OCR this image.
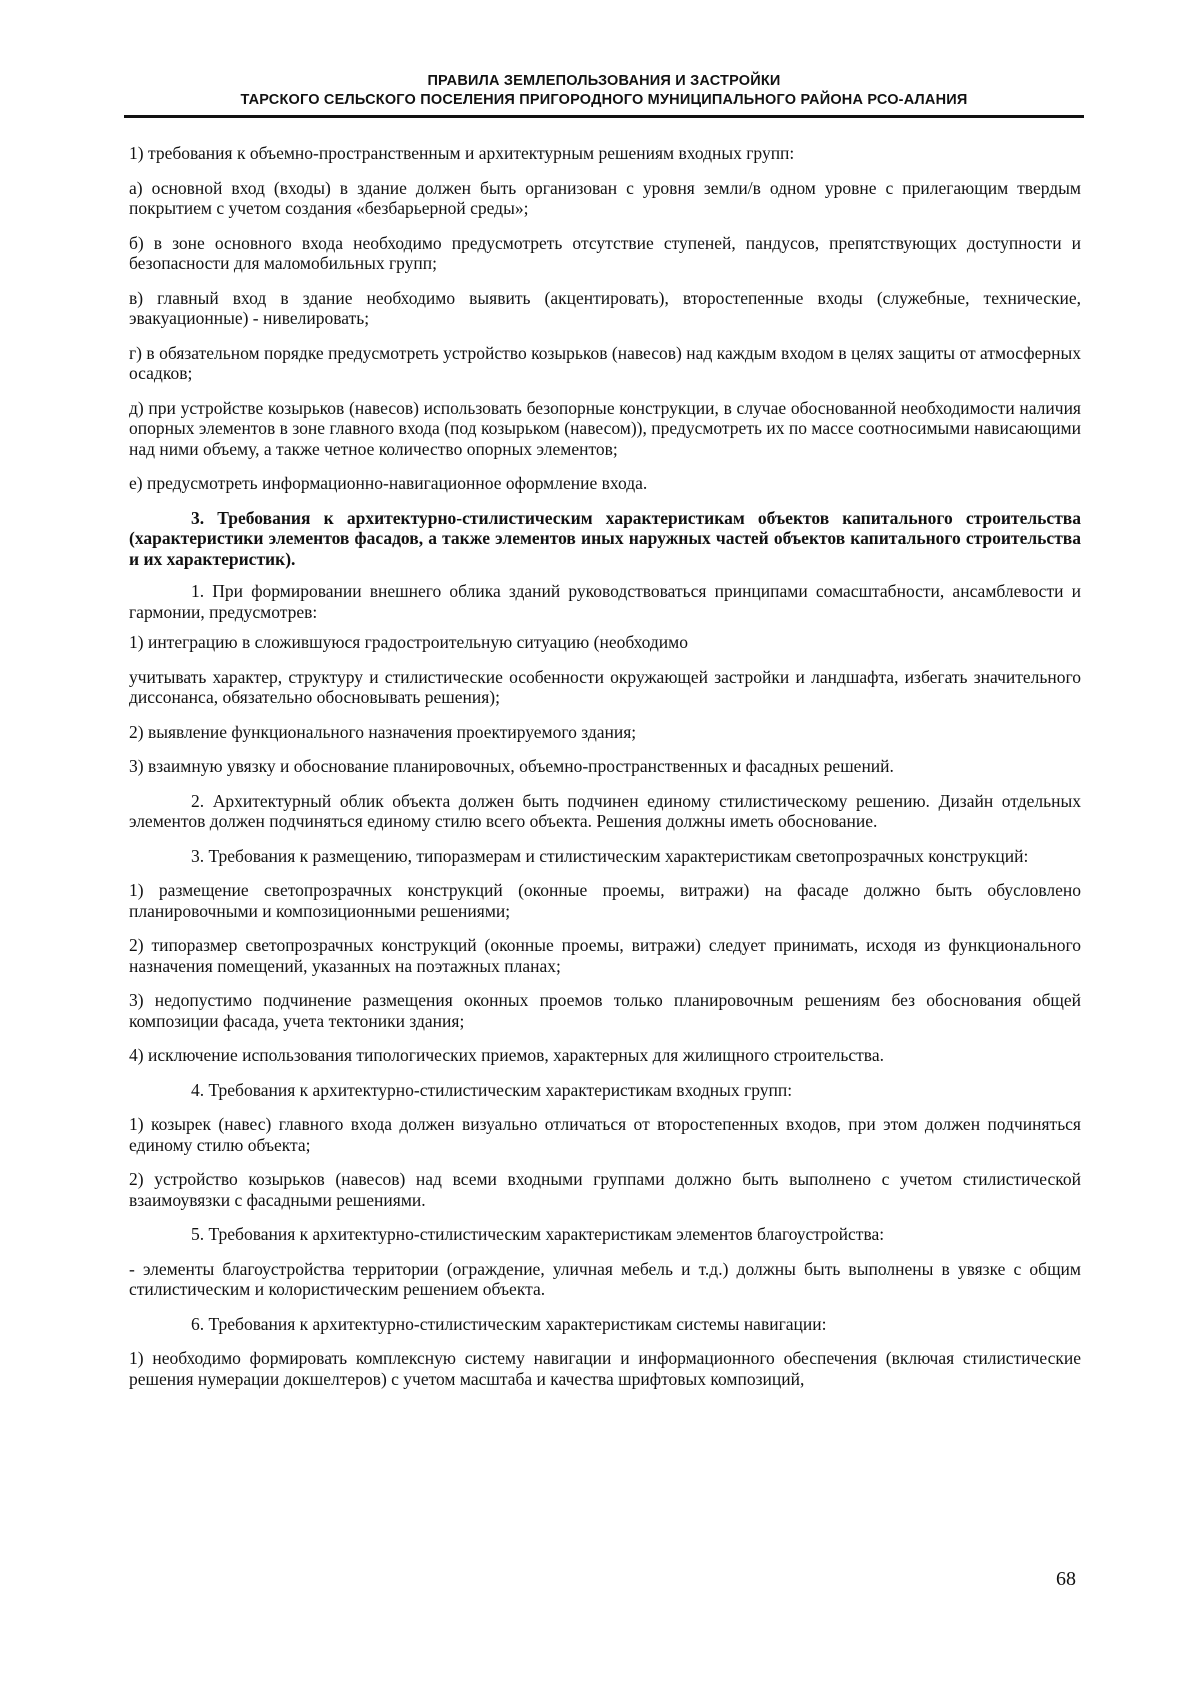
ПРАВИЛА ЗЕМЛЕПОЛЬЗОВАНИЯ И ЗАСТРОЙКИ
ТАРСКОГО СЕЛЬСКОГО ПОСЕЛЕНИЯ ПРИГОРОДНОГО МУНИЦИПАЛЬНОГО РАЙОНА РСО-АЛАНИЯ

1) требования к объемно-пространственным и архитектурным решениям входных групп:

а) основной вход (входы) в здание должен быть организован с уровня земли/в одном уровне с прилегающим твердым покрытием с учетом создания «безбарьерной среды»;

б) в зоне основного входа необходимо предусмотреть отсутствие ступеней, пандусов, препятствующих доступности и безопасности для маломобильных групп;

в) главный вход в здание необходимо выявить (акцентировать), второстепенные входы (служебные, технические, эвакуационные) - нивелировать;

г) в обязательном порядке предусмотреть устройство козырьков (навесов) над каждым входом в целях защиты от атмосферных осадков;

д) при устройстве козырьков (навесов) использовать безопорные конструкции, в случае обоснованной необходимости наличия опорных элементов в зоне главного входа (под козырьком (навесом)), предусмотреть их по массе соотносимыми нависающими над ними объему, а также четное количество опорных элементов;

е) предусмотреть информационно-навигационное оформление входа.

3. Требования к архитектурно-стилистическим характеристикам объектов капитального строительства (характеристики элементов фасадов, а также элементов иных наружных частей объектов капитального строительства и их характеристик).

1. При формировании внешнего облика зданий руководствоваться принципами сомасштабности, ансамблевости и гармонии, предусмотрев:

1) интеграцию в сложившуюся градостроительную ситуацию (необходимо

учитывать характер, структуру и стилистические особенности окружающей застройки и ландшафта, избегать значительного диссонанса, обязательно обосновывать решения);

2) выявление функционального назначения проектируемого здания;

3) взаимную увязку и обоснование планировочных, объемно-пространственных и фасадных решений.

2. Архитектурный облик объекта должен быть подчинен единому стилистическому решению. Дизайн отдельных элементов должен подчиняться единому стилю всего объекта. Решения должны иметь обоснование.

3. Требования к размещению, типоразмерам и стилистическим характеристикам светопрозрачных конструкций:

1) размещение светопрозрачных конструкций (оконные проемы, витражи) на фасаде должно быть обусловлено планировочными и композиционными решениями;

2) типоразмер светопрозрачных конструкций (оконные проемы, витражи) следует принимать, исходя из функционального назначения помещений, указанных на поэтажных планах;

3) недопустимо подчинение размещения оконных проемов только планировочным решениям без обоснования общей композиции фасада, учета тектоники здания;

4) исключение использования типологических приемов, характерных для жилищного строительства.

4. Требования к архитектурно-стилистическим характеристикам входных групп:

1) козырек (навес) главного входа должен визуально отличаться от второстепенных входов, при этом должен подчиняться единому стилю объекта;

2) устройство козырьков (навесов) над всеми входными группами должно быть выполнено с учетом стилистической взаимоувязки с фасадными решениями.

5. Требования к архитектурно-стилистическим характеристикам элементов благоустройства:

- элементы благоустройства территории (ограждение, уличная мебель и т.д.) должны быть выполнены в увязке с общим стилистическим и колористическим решением объекта.

6. Требования к архитектурно-стилистическим характеристикам системы навигации:

1) необходимо формировать комплексную систему навигации и информационного обеспечения (включая стилистические решения нумерации докшелтеров) с учетом масштаба и качества шрифтовых композиций,

68
